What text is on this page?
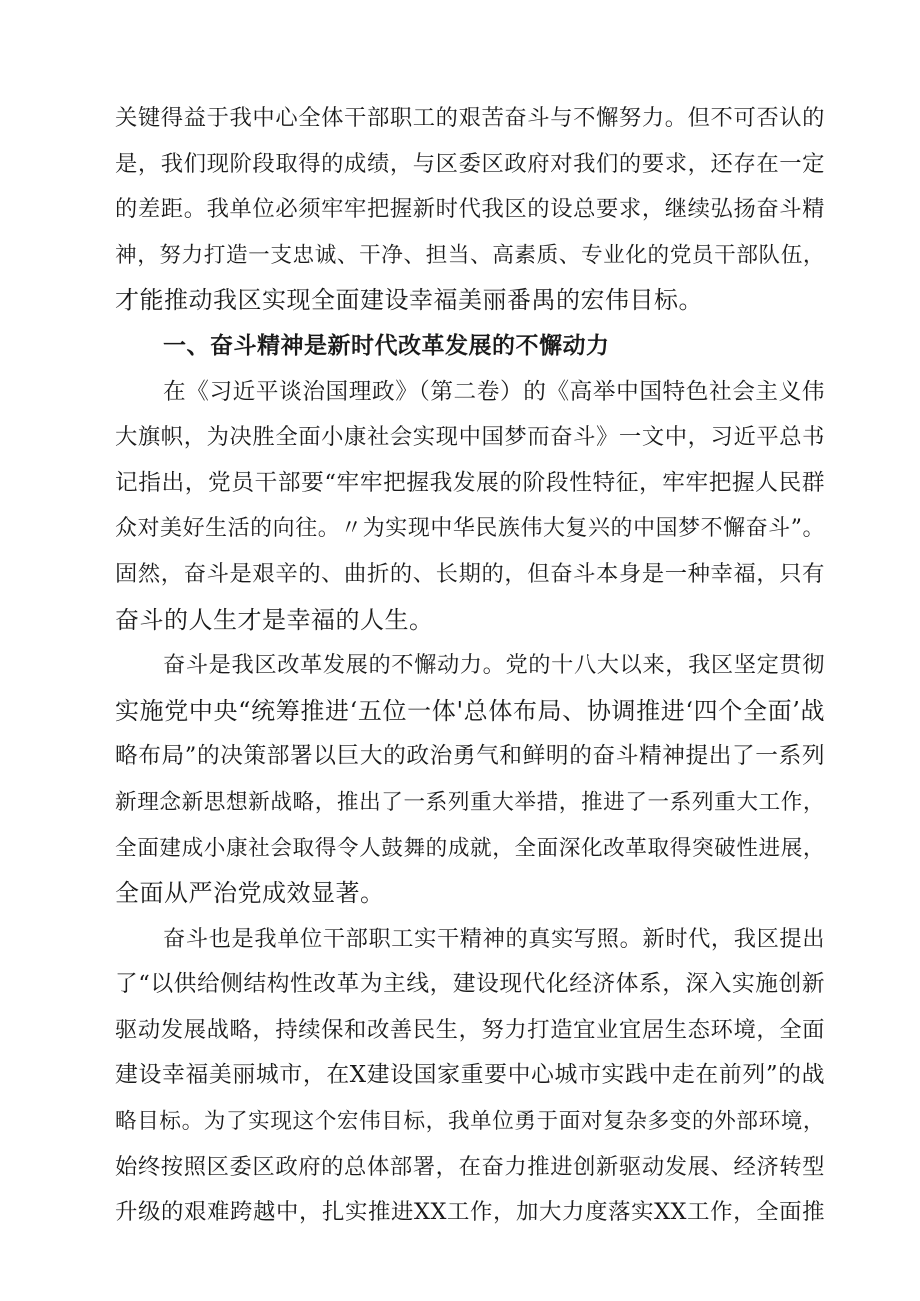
关键得益于我中心全体干部职工的艰苦奋斗与不懈努力。但不可否认的
是，我们现阶段取得的成绩，与区委区政府对我们的要求，还存在一定
的差距。我单位必须牢牢把握新时代我区的设总要求，继续弘扬奋斗精
神，努力打造一支忠诚、干净、担当、高素质、专业化的党员干部队伍，
才能推动我区实现全面建设幸福美丽番禺的宏伟目标。
一、奋斗精神是新时代改革发展的不懈动力
在《习近平谈治国理政》（第二卷）的《高举中国特色社会主义伟
大旗帜，为决胜全面小康社会实现中国梦而奋斗》一文中，习近平总书
记指出，党员干部要“牢牢把握我发展的阶段性特征，牢牢把握人民群
众对美好生活的向往。〃为实现中华民族伟大复兴的中国梦不懈奋斗”。
固然，奋斗是艰辛的、曲折的、长期的，但奋斗本身是一种幸福，只有
奋斗的人生才是幸福的人生。
奋斗是我区改革发展的不懈动力。党的十八大以来，我区坚定贯彻
实施党中央“统筹推进‘五位一体'总体布局、协调推进‘四个全面’战
略布局”的决策部署以巨大的政治勇气和鲜明的奋斗精神提出了一系列
新理念新思想新战略，推出了一系列重大举措，推进了一系列重大工作，
全面建成小康社会取得令人鼓舞的成就，全面深化改革取得突破性进展，
全面从严治党成效显著。
奋斗也是我单位干部职工实干精神的真实写照。新时代，我区提出
了“以供给侧结构性改革为主线，建设现代化经济体系，深入实施创新
驱动发展战略，持续保和改善民生，努力打造宜业宜居生态环境，全面
建设幸福美丽城市，在X建设国家重要中心城市实践中走在前列”的战
略目标。为了实现这个宏伟目标，我单位勇于面对复杂多变的外部环境，
始终按照区委区政府的总体部署，在奋力推进创新驱动发展、经济转型
升级的艰难跨越中，扎实推进XX工作，加大力度落实XX工作，全面推
